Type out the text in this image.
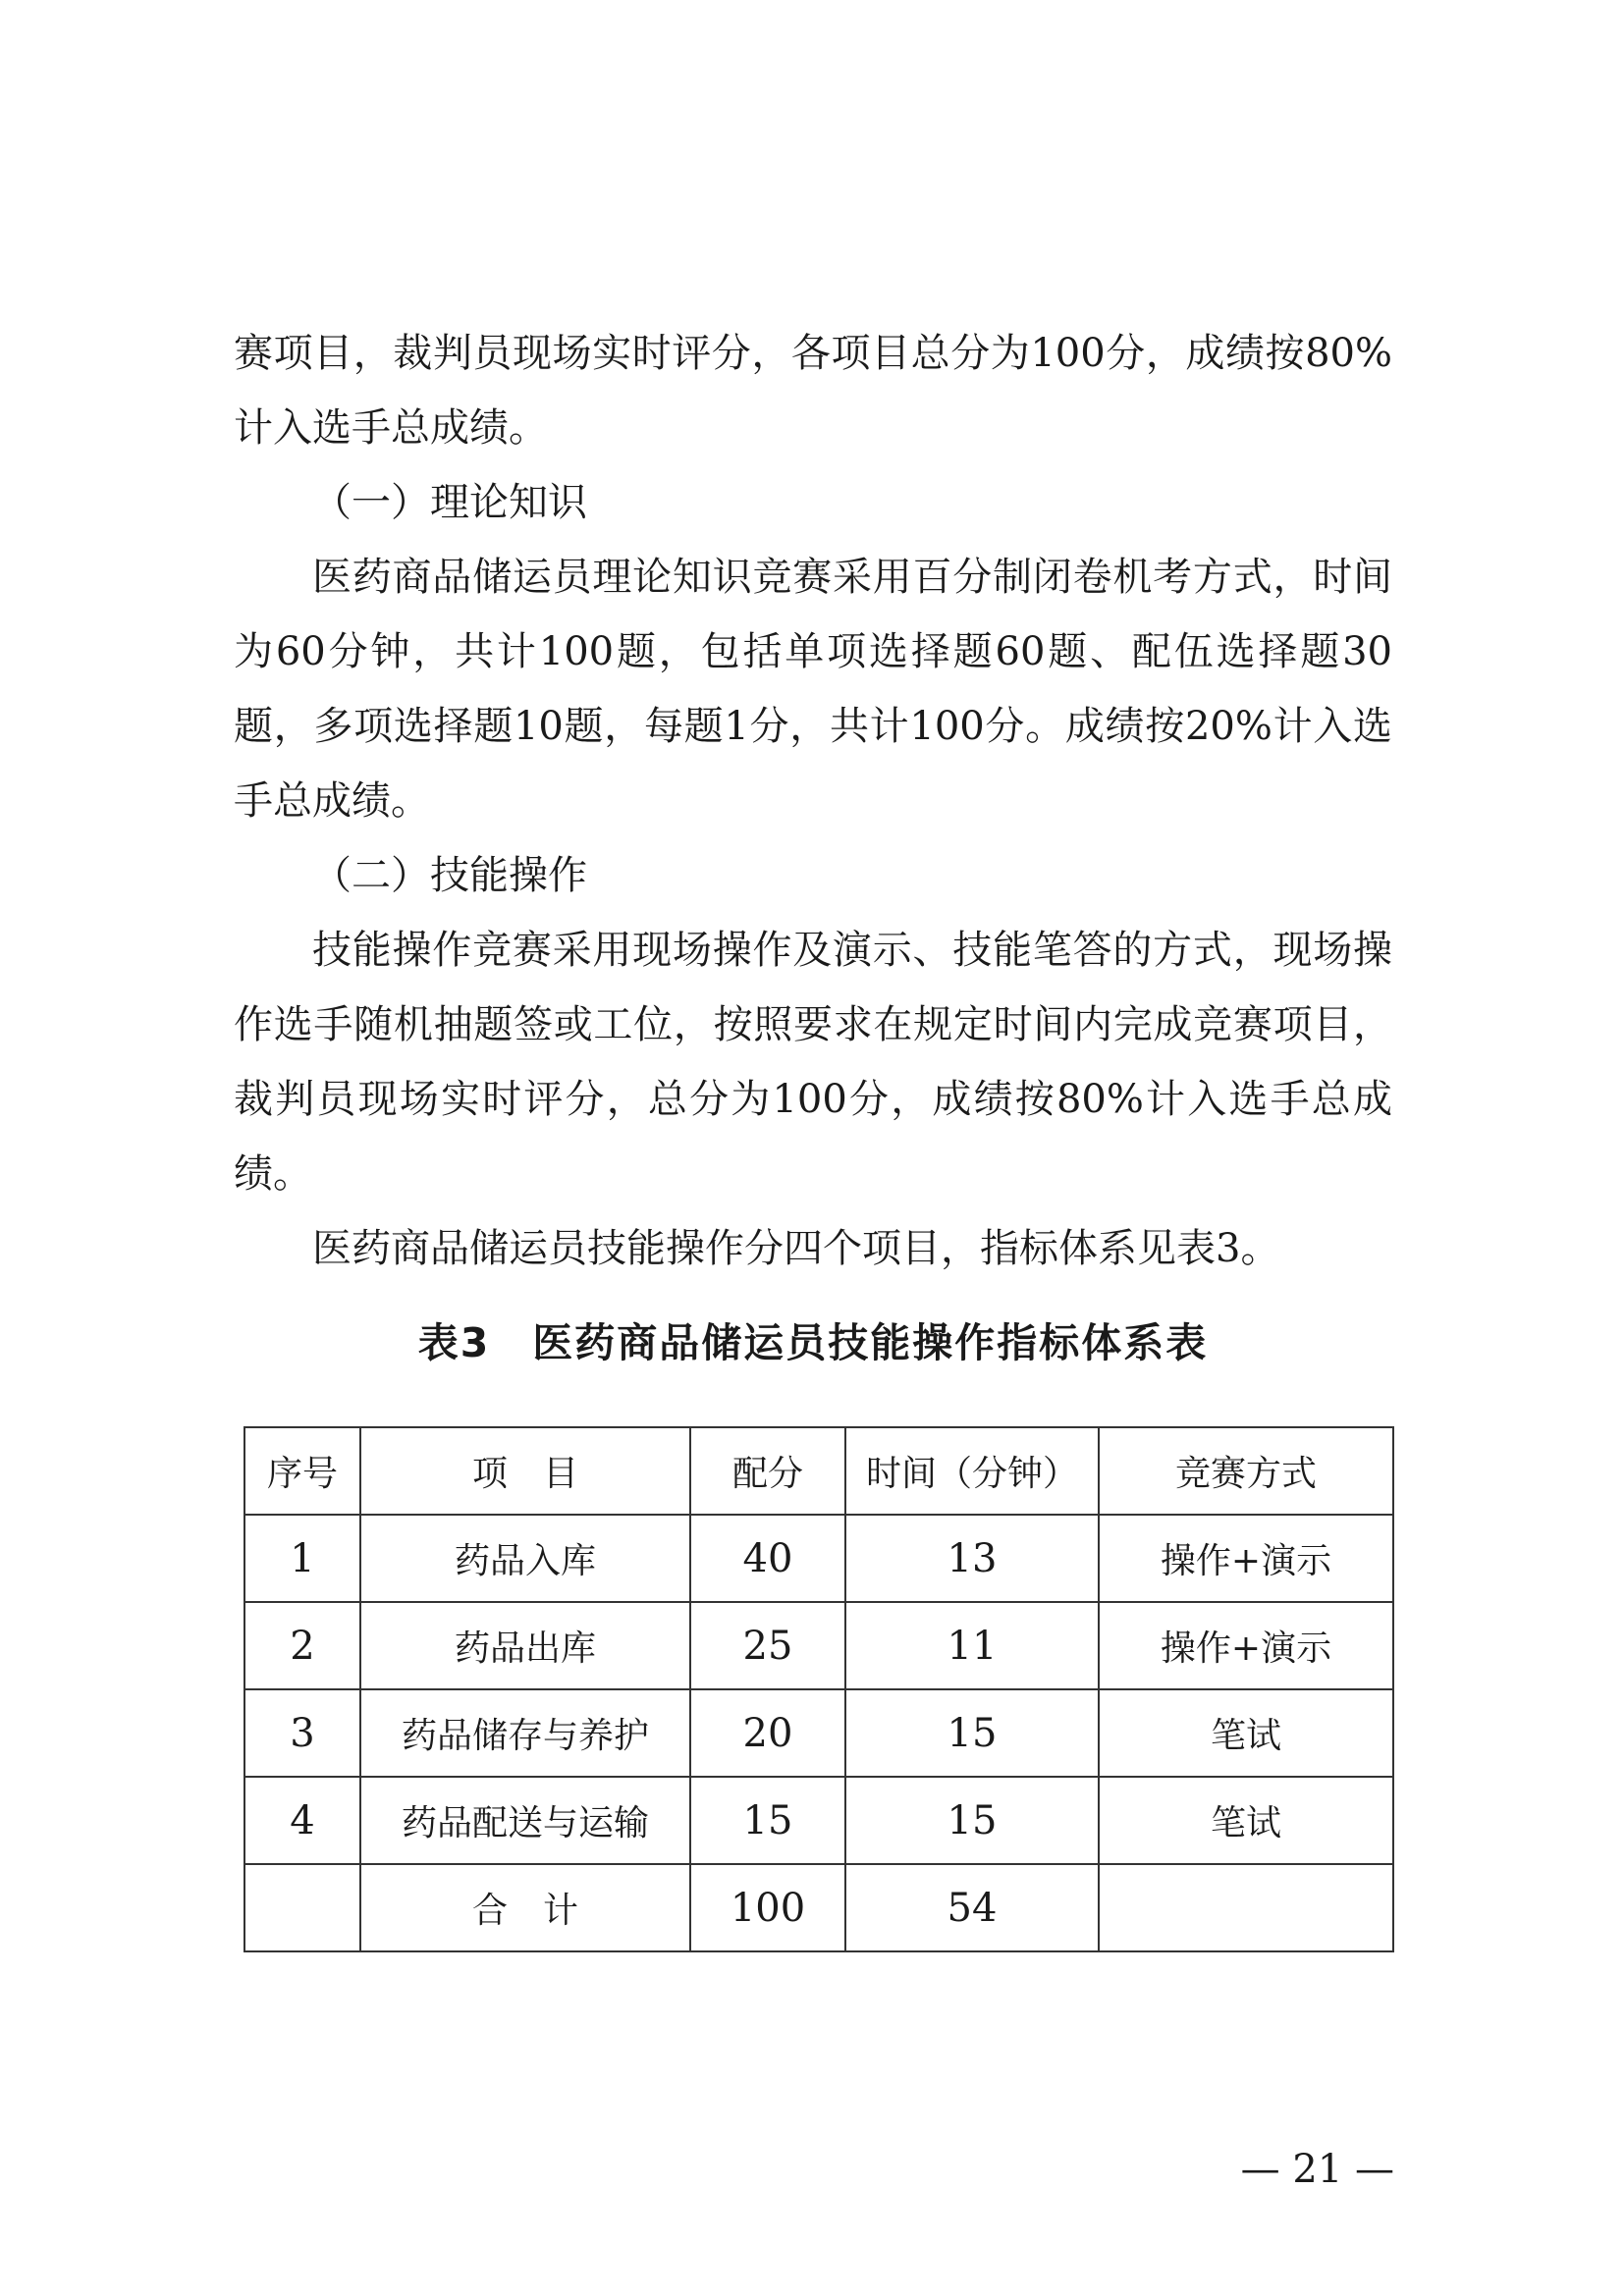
赛项目，裁判员现场实时评分，各项目总分为100分，成绩按80%计入选手总成绩。

（一）理论知识

医药商品储运员理论知识竞赛采用百分制闭卷机考方式，时间为60分钟，共计100题，包括单项选择题60题、配伍选择题30题，多项选择题10题，每题1分，共计100分。成绩按20%计入选手总成绩。

（二）技能操作

技能操作竞赛采用现场操作及演示、技能笔答的方式，现场操作选手随机抽题签或工位，按照要求在规定时间内完成竞赛项目，裁判员现场实时评分，总分为100分，成绩按80%计入选手总成绩。

医药商品储运员技能操作分四个项目，指标体系见表3。

表3　医药商品储运员技能操作指标体系表
序号	项　目	配分	时间（分钟）	竞赛方式
1	药品入库	40	13	操作+演示
2	药品出库	25	11	操作+演示
3	药品储存与养护	20	15	笔试
4	药品配送与运输	15	15	笔试
	合　计	100	54	
— 21 —
